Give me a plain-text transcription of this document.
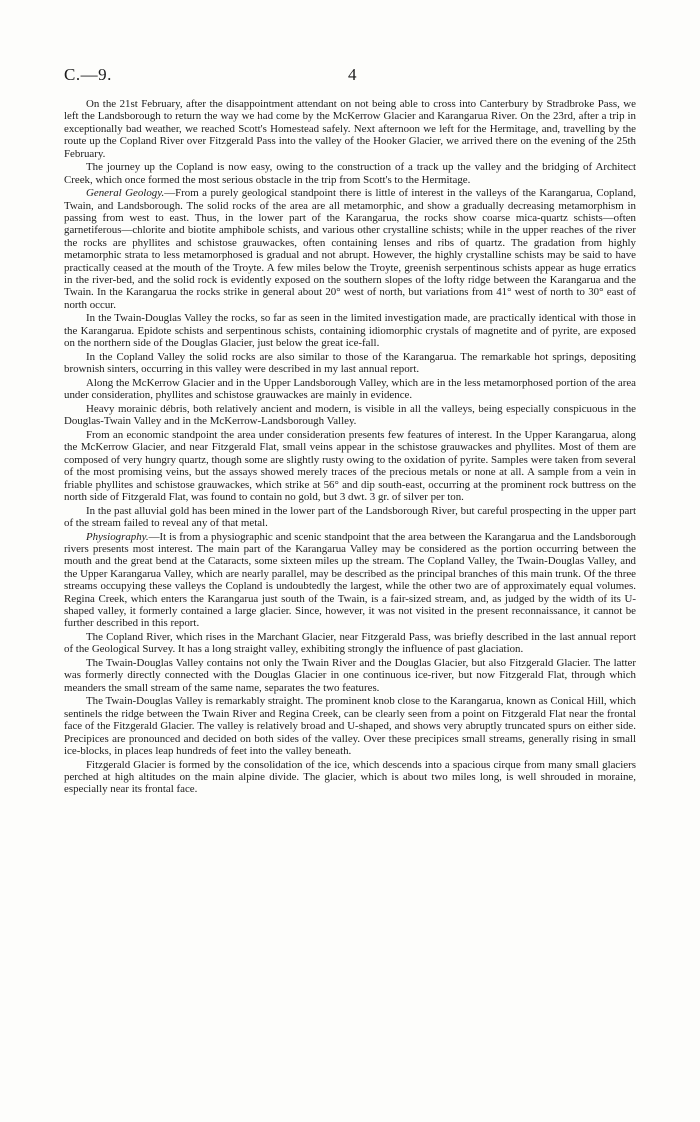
C.—9.	4

On the 21st February, after the disappointment attendant on not being able to cross into Canterbury by Stradbroke Pass, we left the Landsborough to return the way we had come by the McKerrow Glacier and Karangarua River. On the 23rd, after a trip in exceptionally bad weather, we reached Scott's Homestead safely. Next afternoon we left for the Hermitage, and, travelling by the route up the Copland River over Fitzgerald Pass into the valley of the Hooker Glacier, we arrived there on the evening of the 25th February.

The journey up the Copland is now easy, owing to the construction of a track up the valley and the bridging of Architect Creek, which once formed the most serious obstacle in the trip from Scott's to the Hermitage.

General Geology.—From a purely geological standpoint there is little of interest in the valleys of the Karangarua, Copland, Twain, and Landsborough. The solid rocks of the area are all metamorphic, and show a gradually decreasing metamorphism in passing from west to east. Thus, in the lower part of the Karangarua, the rocks show coarse mica-quartz schists—often garnetiferous—chlorite and biotite amphibole schists, and various other crystalline schists; while in the upper reaches of the river the rocks are phyllites and schistose grauwackes, often containing lenses and ribs of quartz. The gradation from highly metamorphic strata to less metamorphosed is gradual and not abrupt. However, the highly crystalline schists may be said to have practically ceased at the mouth of the Troyte. A few miles below the Troyte, greenish serpentinous schists appear as huge erratics in the river-bed, and the solid rock is evidently exposed on the southern slopes of the lofty ridge between the Karangarua and the Twain. In the Karangarua the rocks strike in general about 20° west of north, but variations from 41° west of north to 30° east of north occur.

In the Twain-Douglas Valley the rocks, so far as seen in the limited investigation made, are practically identical with those in the Karangarua. Epidote schists and serpentinous schists, containing idiomorphic crystals of magnetite and of pyrite, are exposed on the northern side of the Douglas Glacier, just below the great ice-fall.

In the Copland Valley the solid rocks are also similar to those of the Karangarua. The remarkable hot springs, depositing brownish sinters, occurring in this valley were described in my last annual report.

Along the McKerrow Glacier and in the Upper Landsborough Valley, which are in the less metamorphosed portion of the area under consideration, phyllites and schistose grauwackes are mainly in evidence.

Heavy morainic débris, both relatively ancient and modern, is visible in all the valleys, being especially conspicuous in the Douglas-Twain Valley and in the McKerrow-Landsborough Valley.

From an economic standpoint the area under consideration presents few features of interest. In the Upper Karangarua, along the McKerrow Glacier, and near Fitzgerald Flat, small veins appear in the schistose grauwackes and phyllites. Most of them are composed of very hungry quartz, though some are slightly rusty owing to the oxidation of pyrite. Samples were taken from several of the most promising veins, but the assays showed merely traces of the precious metals or none at all. A sample from a vein in friable phyllites and schistose grauwackes, which strike at 56° and dip south-east, occurring at the prominent rock buttress on the north side of Fitzgerald Flat, was found to contain no gold, but 3 dwt. 3 gr. of silver per ton.

In the past alluvial gold has been mined in the lower part of the Landsborough River, but careful prospecting in the upper part of the stream failed to reveal any of that metal.

Physiography.—It is from a physiographic and scenic standpoint that the area between the Karangarua and the Landsborough rivers presents most interest. The main part of the Karangarua Valley may be considered as the portion occurring between the mouth and the great bend at the Cataracts, some sixteen miles up the stream. The Copland Valley, the Twain-Douglas Valley, and the Upper Karangarua Valley, which are nearly parallel, may be described as the principal branches of this main trunk. Of the three streams occupying these valleys the Copland is undoubtedly the largest, while the other two are of approximately equal volumes. Regina Creek, which enters the Karangarua just south of the Twain, is a fair-sized stream, and, as judged by the width of its U-shaped valley, it formerly contained a large glacier. Since, however, it was not visited in the present reconnaissance, it cannot be further described in this report.

The Copland River, which rises in the Marchant Glacier, near Fitzgerald Pass, was briefly described in the last annual report of the Geological Survey. It has a long straight valley, exhibiting strongly the influence of past glaciation.

The Twain-Douglas Valley contains not only the Twain River and the Douglas Glacier, but also Fitzgerald Glacier. The latter was formerly directly connected with the Douglas Glacier in one continuous ice-river, but now Fitzgerald Flat, through which meanders the small stream of the same name, separates the two features.

The Twain-Douglas Valley is remarkably straight. The prominent knob close to the Karangarua, known as Conical Hill, which sentinels the ridge between the Twain River and Regina Creek, can be clearly seen from a point on Fitzgerald Flat near the frontal face of the Fitzgerald Glacier. The valley is relatively broad and U-shaped, and shows very abruptly truncated spurs on either side. Precipices are pronounced and decided on both sides of the valley. Over these precipices small streams, generally rising in small ice-blocks, in places leap hundreds of feet into the valley beneath.

Fitzgerald Glacier is formed by the consolidation of the ice, which descends into a spacious cirque from many small glaciers perched at high altitudes on the main alpine divide. The glacier, which is about two miles long, is well shrouded in moraine, especially near its frontal face.
